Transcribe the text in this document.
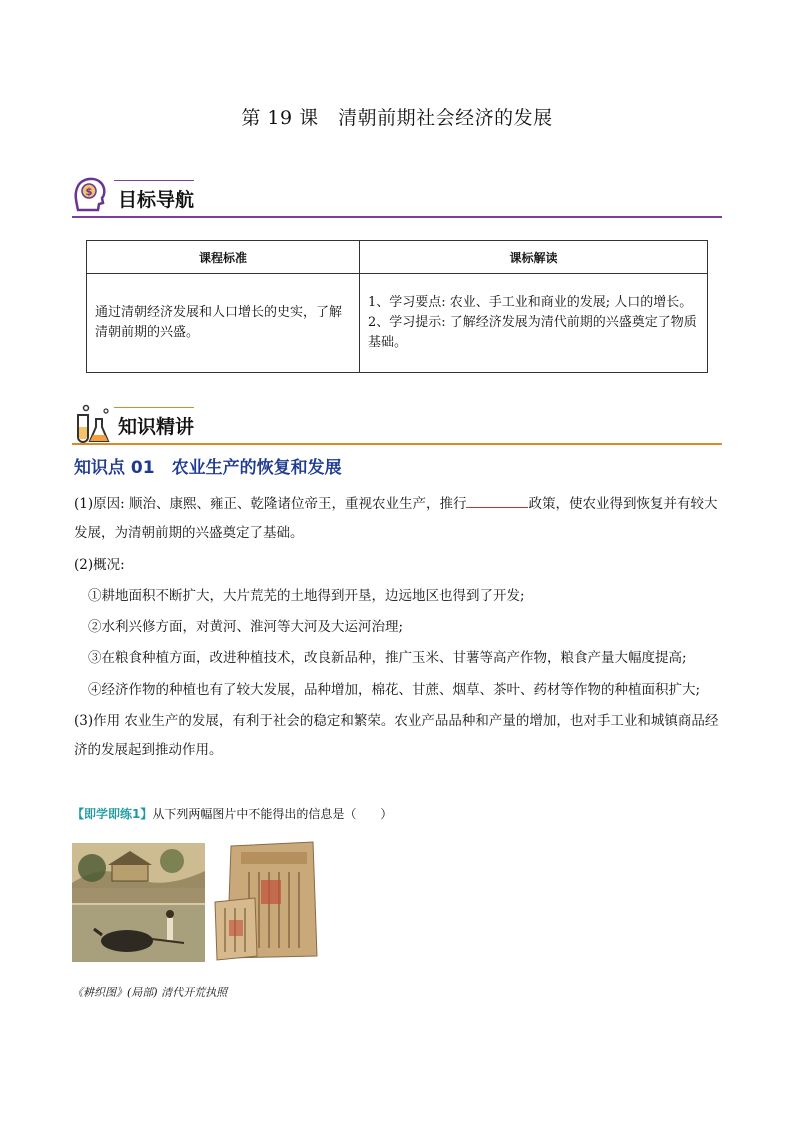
第 19 课　清朝前期社会经济的发展
$ 目标导航
课程标准	课标解读
通过清朝经济发展和人口增长的史实，了解清朝前期的兴盛。	1、学习要点: 农业、手工业和商业的发展; 人口的增长。
2、学习提示: 了解经济发展为清代前期的兴盛奠定了物质基础。
知识精讲
知识点 01　农业生产的恢复和发展
(1)原因: 顺治、康熙、雍正、乾隆诸位帝王，重视农业生产，推行	政策，使农业得到恢复并有较大发展，为清朝前期的兴盛奠定了基础。
(2)概况:
①耕地面积不断扩大，大片荒芜的土地得到开垦，边远地区也得到了开发;
②水利兴修方面，对黄河、淮河等大河及大运河治理;
③在粮食种植方面，改进种植技术，改良新品种，推广玉米、甘薯等高产作物，粮食产量大幅度提高;
④经济作物的种植也有了较大发展，品种增加，棉花、甘蔗、烟草、茶叶、药材等作物的种植面积扩大;
(3)作用 农业生产的发展，有利于社会的稳定和繁荣。农业产品品种和产量的增加，也对手工业和城镇商品经济的发展起到推动作用。
【即学即练1】从下列两幅图片中不能得出的信息是（　　）
《耕织图》(局部) 清代开荒执照
